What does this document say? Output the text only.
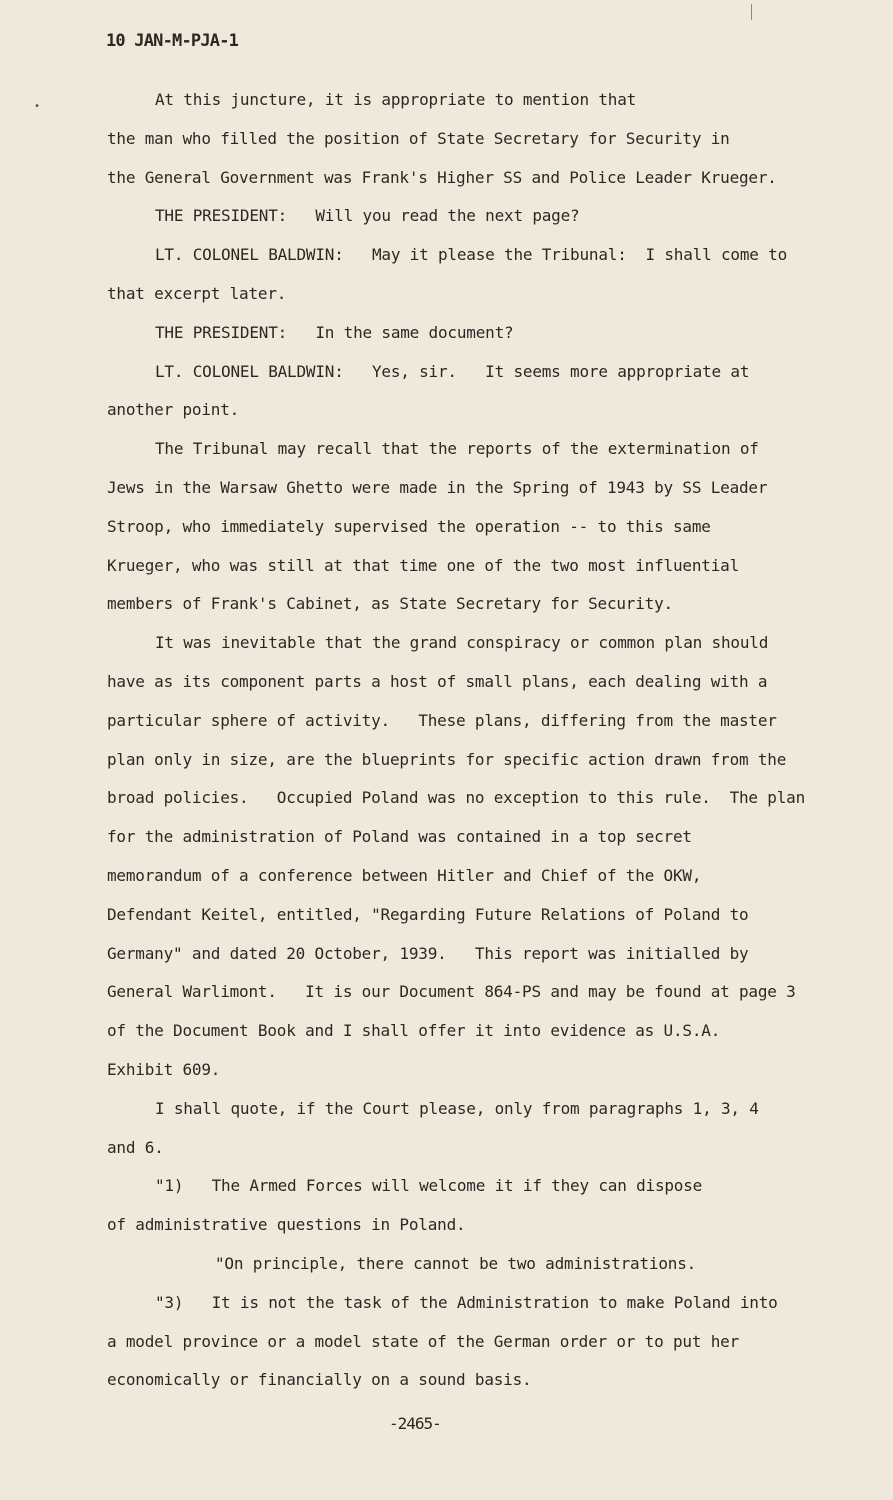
10 JAN-M-PJA-1
•	At this juncture, it is appropriate to mention that
the man who filled the position of State Secretary for Security in
the General Government was Frank's Higher SS and Police Leader Krueger.
THE PRESIDENT:   Will you read the next page?
LT. COLONEL BALDWIN:   May it please the Tribunal:  I shall come to
that excerpt later.
THE PRESIDENT:   In the same document?
LT. COLONEL BALDWIN:   Yes, sir.   It seems more appropriate at
another point.
The Tribunal may recall that the reports of the extermination of
Jews in the Warsaw Ghetto were made in the Spring of 1943 by SS Leader
Stroop, who immediately supervised the operation -- to this same
Krueger, who was still at that time one of the two most influential
members of Frank's Cabinet, as State Secretary for Security.
It was inevitable that the grand conspiracy or common plan should
have as its component parts a host of small plans, each dealing with a
particular sphere of activity.   These plans, differing from the master
plan only in size, are the blueprints for specific action drawn from the
broad policies.   Occupied Poland was no exception to this rule.  The plan
for the administration of Poland was contained in a top secret
memorandum of a conference between Hitler and Chief of the OKW,
Defendant Keitel, entitled, "Regarding Future Relations of Poland to
Germany" and dated 20 October, 1939.   This report was initialled by
General Warlimont.   It is our Document 864-PS and may be found at page 3
of the Document Book and I shall offer it into evidence as U.S.A.
Exhibit 609.
I shall quote, if the Court please, only from paragraphs 1, 3, 4
and 6.
"1)   The Armed Forces will welcome it if they can dispose
of administrative questions in Poland.
"On principle, there cannot be two administrations.
"3)   It is not the task of the Administration to make Poland into
a model province or a model state of the German order or to put her
economically or financially on a sound basis.
-2465-
